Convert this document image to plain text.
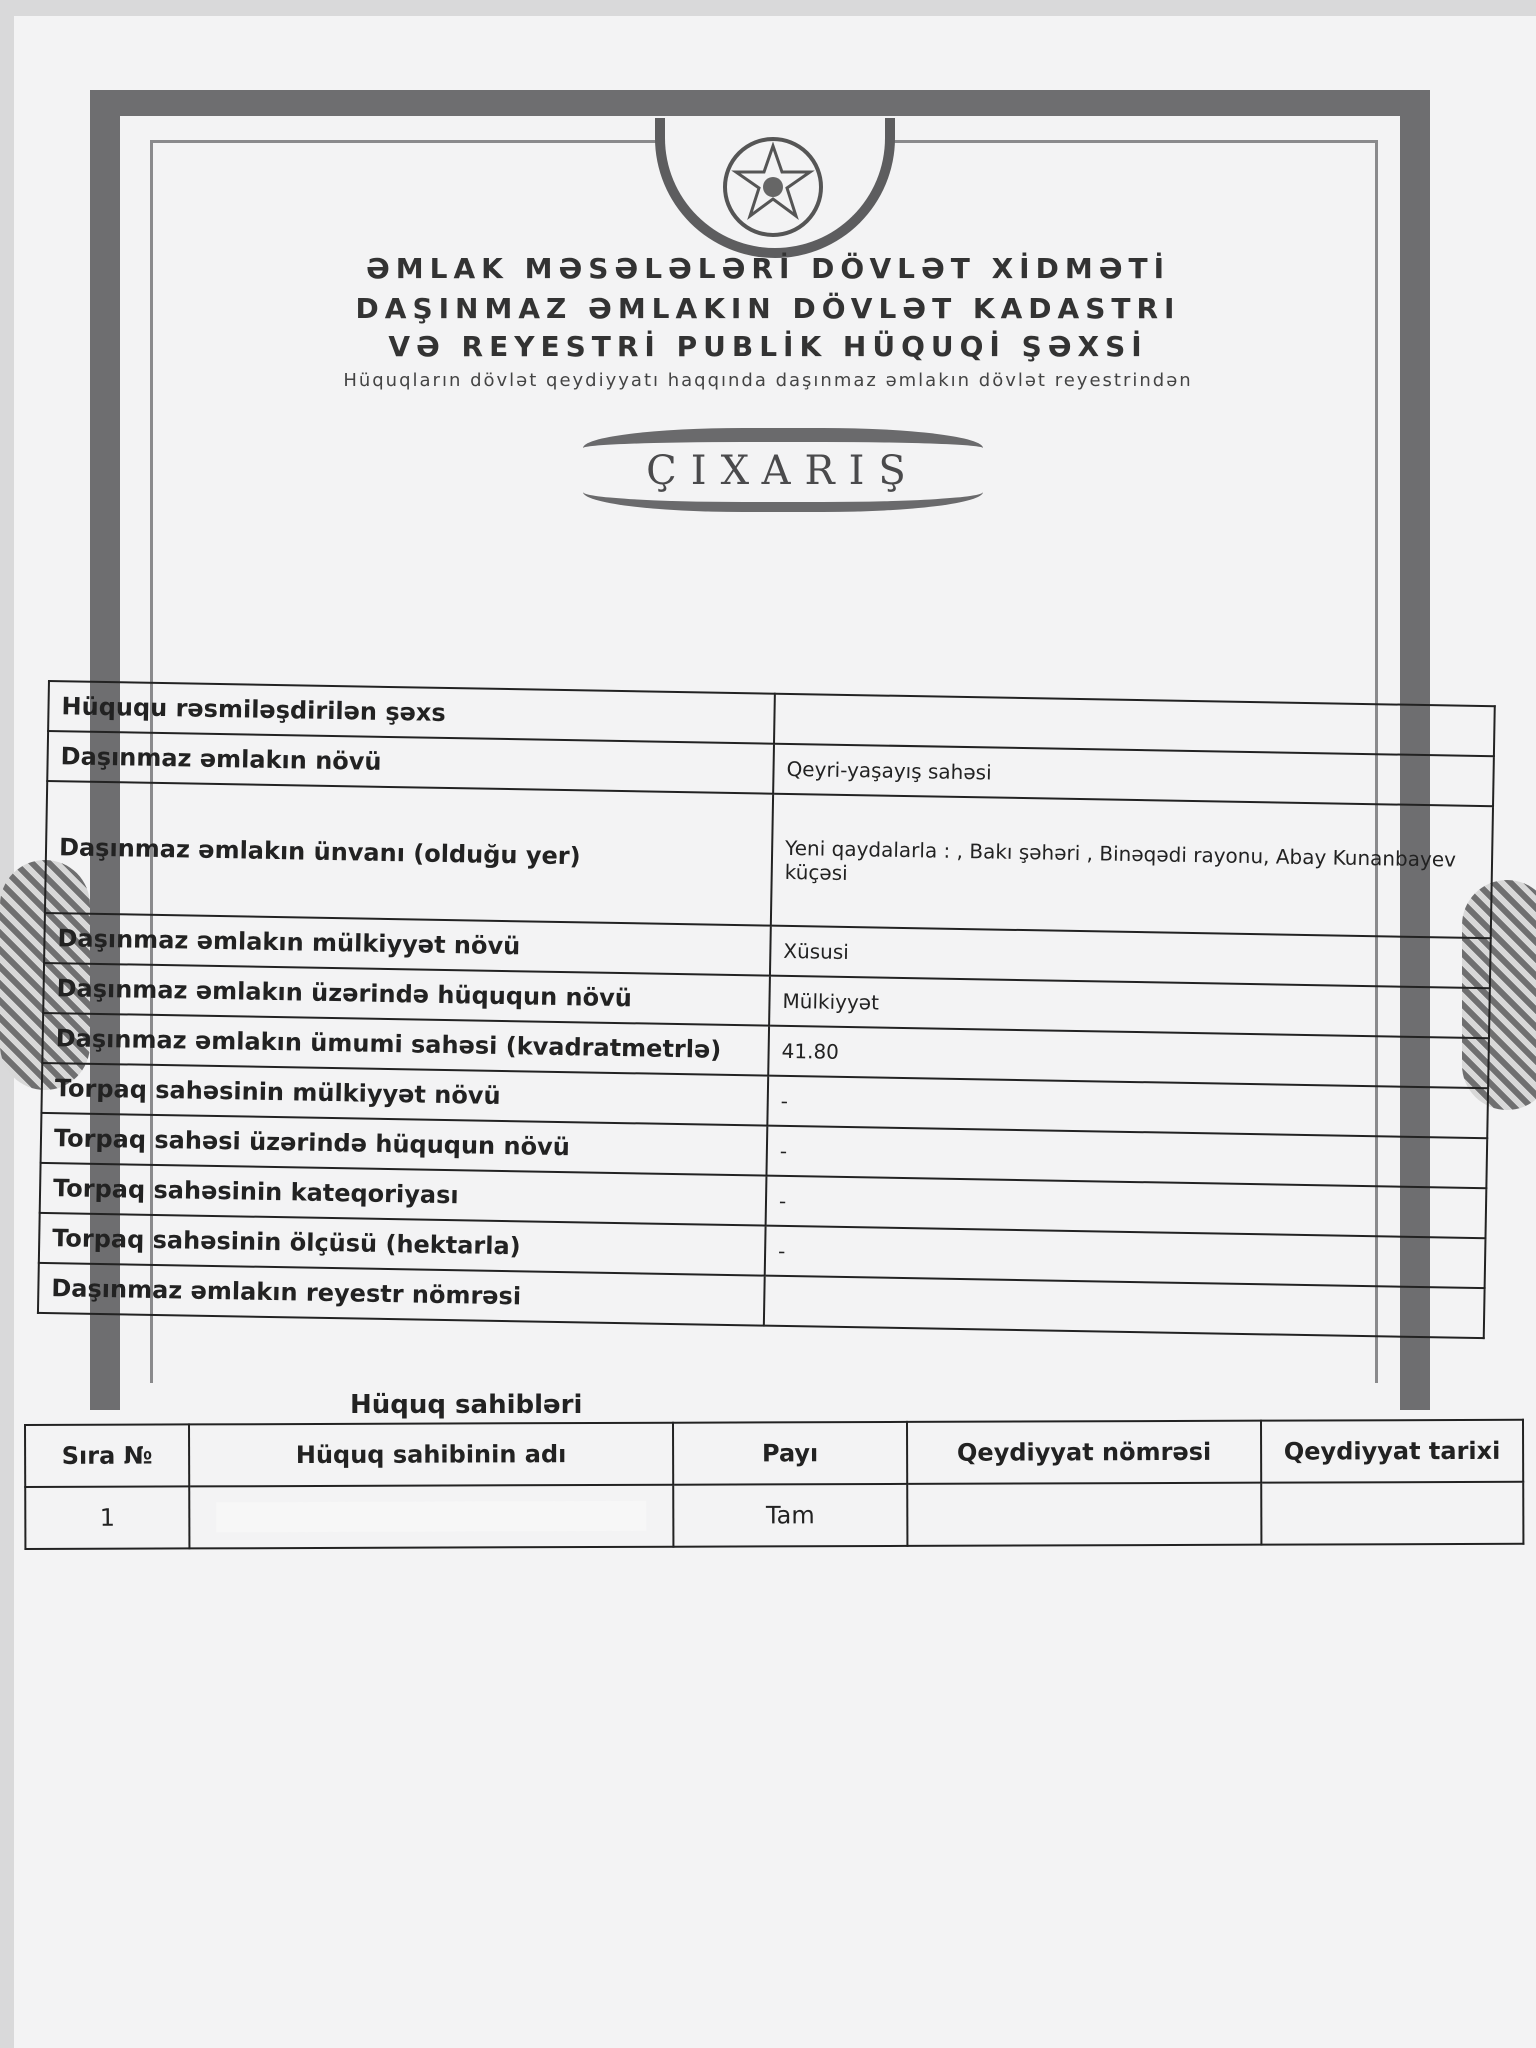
ƏMLAK MƏSƏLƏLƏRİ DÖVLƏT XİDMƏTİ
DAŞINMAZ ƏMLAKIN DÖVLƏT KADASTRI
VƏ REYESTRİ PUBLİK HÜQUQİ ŞƏXSİ
Hüquqların dövlət qeydiyyatı haqqında daşınmaz əmlakın dövlət reyestrindən
ÇIXARIŞ
Hüququ rəsmiləşdirilən şəxs	
Daşınmaz əmlakın növü	Qeyri-yaşayış sahəsi
Daşınmaz əmlakın ünvanı (olduğu yer)	Yeni qaydalarla : , Bakı şəhəri , Binəqədi rayonu, Abay Kunanbayev küçəsi
Daşınmaz əmlakın mülkiyyət növü	Xüsusi
Daşınmaz əmlakın üzərində hüququn növü	Mülkiyyət
Daşınmaz əmlakın ümumi sahəsi (kvadratmetrlə)	41.80
Torpaq sahəsinin mülkiyyət növü	-
Torpaq sahəsi üzərində hüququn növü	-
Torpaq sahəsinin kateqoriyası	-
Torpaq sahəsinin ölçüsü (hektarla)	-
Daşınmaz əmlakın reyestr nömrəsi	
Hüquq sahibləri
Sıra №	Hüquq sahibinin adı	Payı	Qeydiyyat nömrəsi	Qeydiyyat tarixi
1		Tam		
